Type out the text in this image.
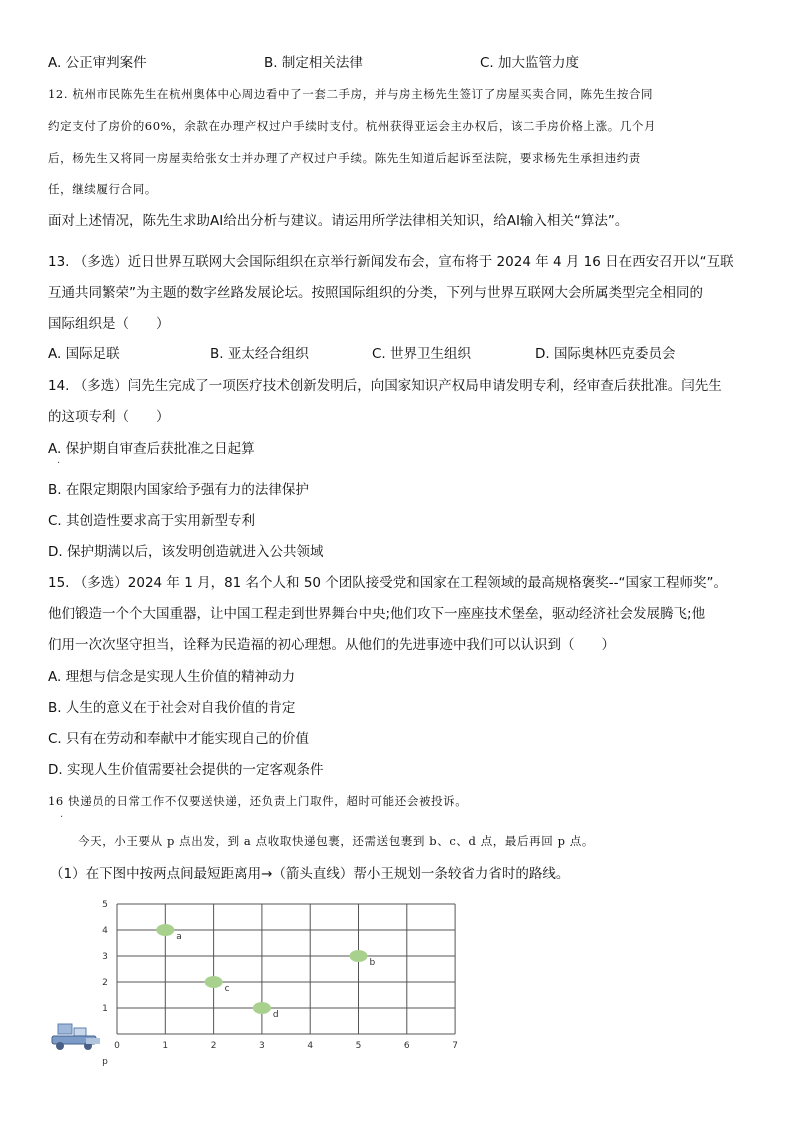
A. 公正审判案件	B. 制定相关法律	C. 加大监管力度
12. 杭州市民陈先生在杭州奥体中心周边看中了一套二手房，并与房主杨先生签订了房屋买卖合同，陈先生按合同
约定支付了房价的60%，余款在办理产权过户手续时支付。杭州获得亚运会主办权后，该二手房价格上涨。几个月
后，杨先生又将同一房屋卖给张女士并办理了产权过户手续。陈先生知道后起诉至法院，要求杨先生承担违约责
任，继续履行合同。
面对上述情况，陈先生求助AI给出分析与建议。请运用所学法律相关知识，给AI输入相关“算法”。
13. （多选）近日世界互联网大会国际组织在京举行新闻发布会，宣布将于 2024 年 4 月 16 日在西安召开以“互联
互通共同繁荣”为主题的数字丝路发展论坛。按照国际组织的分类，下列与世界互联网大会所属类型完全相同的
国际组织是（　　）
A. 国际足联	B. 亚太经合组织	C. 世界卫生组织	D. 国际奥林匹克委员会
14. （多选）闫先生完成了一项医疗技术创新发明后，向国家知识产权局申请发明专利，经审查后获批准。闫先生
的这项专利（　　）
A. 保护期自审查后获批准之日起算
·
B. 在限定期限内国家给予强有力的法律保护
C. 其创造性要求高于实用新型专利
D. 保护期满以后，该发明创造就进入公共领域
15. （多选）2024 年 1 月，81 名个人和 50 个团队接受党和国家在工程领域的最高规格褒奖--“国家工程师奖”。
他们锻造一个个大国重器，让中国工程走到世界舞台中央;他们攻下一座座技术堡垒，驱动经济社会发展腾飞;他
们用一次次坚守担当，诠释为民造福的初心理想。从他们的先进事迹中我们可以认识到（　　）
A. 理想与信念是实现人生价值的精神动力
B. 人生的意义在于社会对自我价值的肯定
C. 只有在劳动和奉献中才能实现自己的价值
D. 实现人生价值需要社会提供的一定客观条件
16 快递员的日常工作不仅要送快递，还负责上门取件，超时可能还会被投诉。
·
今天，小王要从 p 点出发，到 a 点收取快递包裹，还需送包裹到 b、c、d 点，最后再回 p 点。
（1）在下图中按两点间最短距离用→（箭头直线）帮小王规划一条较省力省时的路线。
0	1	2	3	4	5	6	7
1
2
3
4
5
p
a
b
c
d
